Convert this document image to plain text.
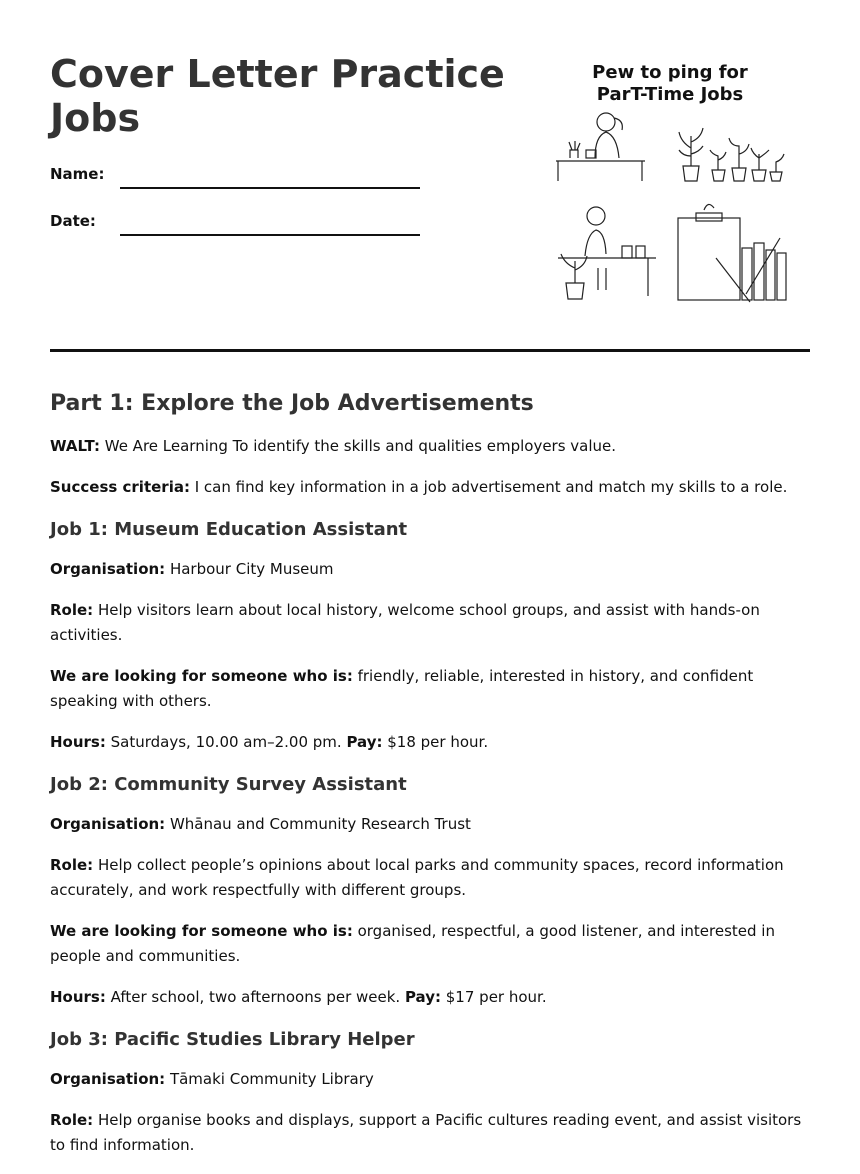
Cover Letter Practice Jobs
Name:
Date:
Pew to ping for
ParT-Time Jobs
Part 1: Explore the Job Advertisements

WALT: We Are Learning To identify the skills and qualities employers value.

Success criteria: I can find key information in a job advertisement and match my skills to a role.

Job 1: Museum Education Assistant

Organisation: Harbour City Museum

Role: Help visitors learn about local history, welcome school groups, and assist with hands-on activities.

We are looking for someone who is: friendly, reliable, interested in history, and confident speaking with others.

Hours: Saturdays, 10.00 am–2.00 pm. Pay: $18 per hour.

Job 2: Community Survey Assistant

Organisation: Whānau and Community Research Trust

Role: Help collect people’s opinions about local parks and community spaces, record information accurately, and work respectfully with different groups.

We are looking for someone who is: organised, respectful, a good listener, and interested in people and communities.

Hours: After school, two afternoons per week. Pay: $17 per hour.

Job 3: Pacific Studies Library Helper

Organisation: Tāmaki Community Library

Role: Help organise books and displays, support a Pacific cultures reading event, and assist visitors to find information.
